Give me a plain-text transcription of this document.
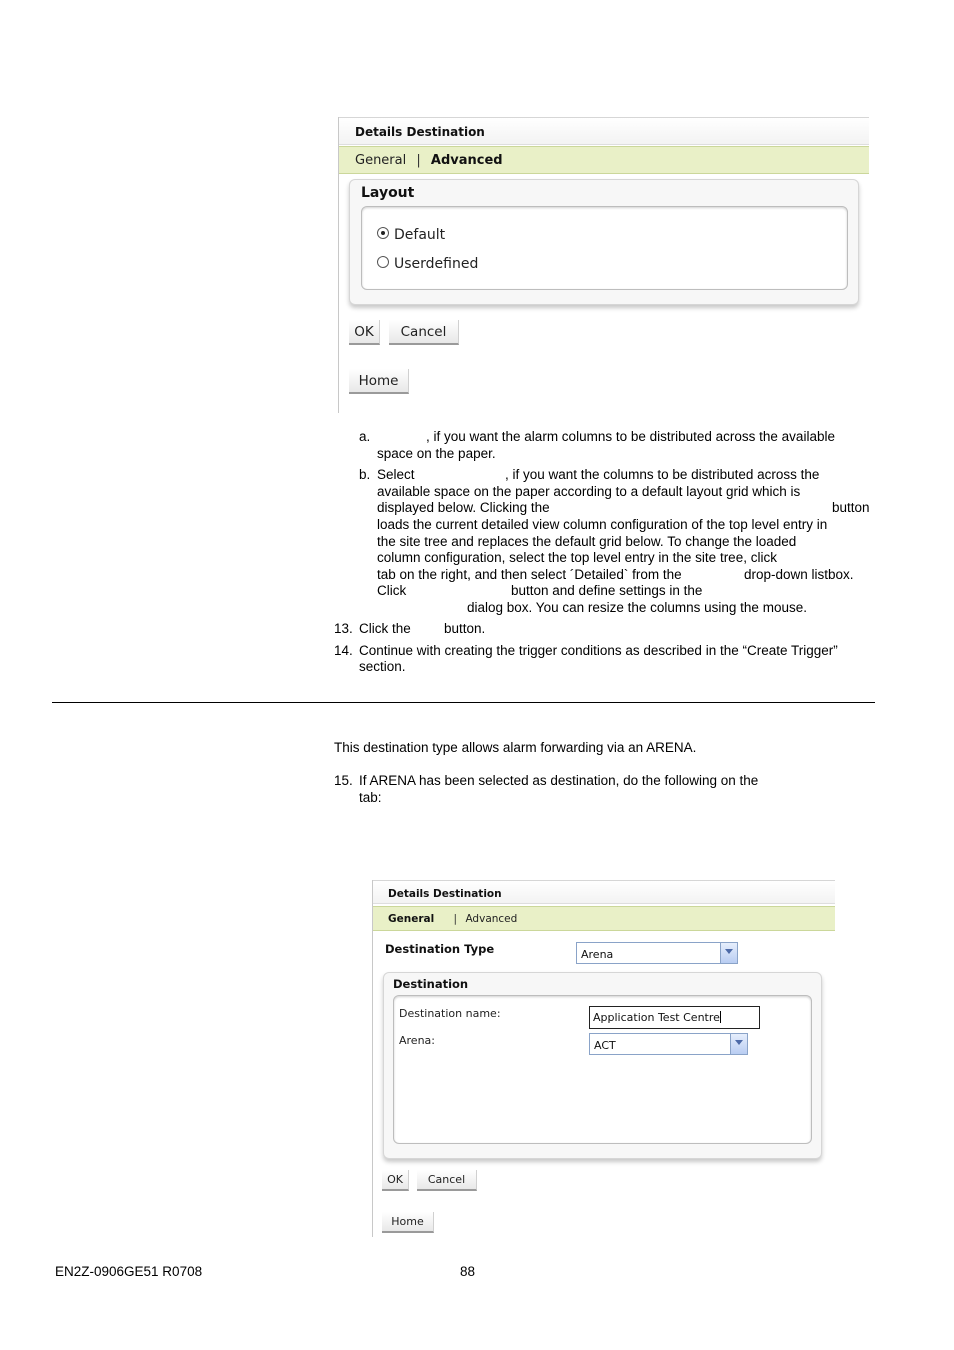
Details Destination
General | Advanced
Layout
Default
Userdefined
OK	Cancel
Home
a.	, if you want the alarm columns to be distributed across the available
space on the paper.
b. Select	, if you want the columns to be distributed across the
available space on the paper according to a default layout grid which is
displayed below. Clicking the	button
loads the current detailed view column configuration of the top level entry in
the site tree and replaces the default grid below. To change the loaded
column configuration, select the top level entry in the site tree, click
tab on the right, and then select ´Detailed` from the	drop-down listbox.
Click	button and define settings in the
dialog box. You can resize the columns using the mouse.
13. Click the button.
14. Continue with creating the trigger conditions as described in the “Create Trigger”
section.
This destination type allows alarm forwarding via an ARENA.
15. If ARENA has been selected as destination, do the following on the
tab:
Details Destination
General | Advanced
Destination Type	Arena
Destination
Destination name:	Application Test Centre
Arena:	ACT
OK	Cancel
Home
EN2Z-0906GE51 R0708	88
